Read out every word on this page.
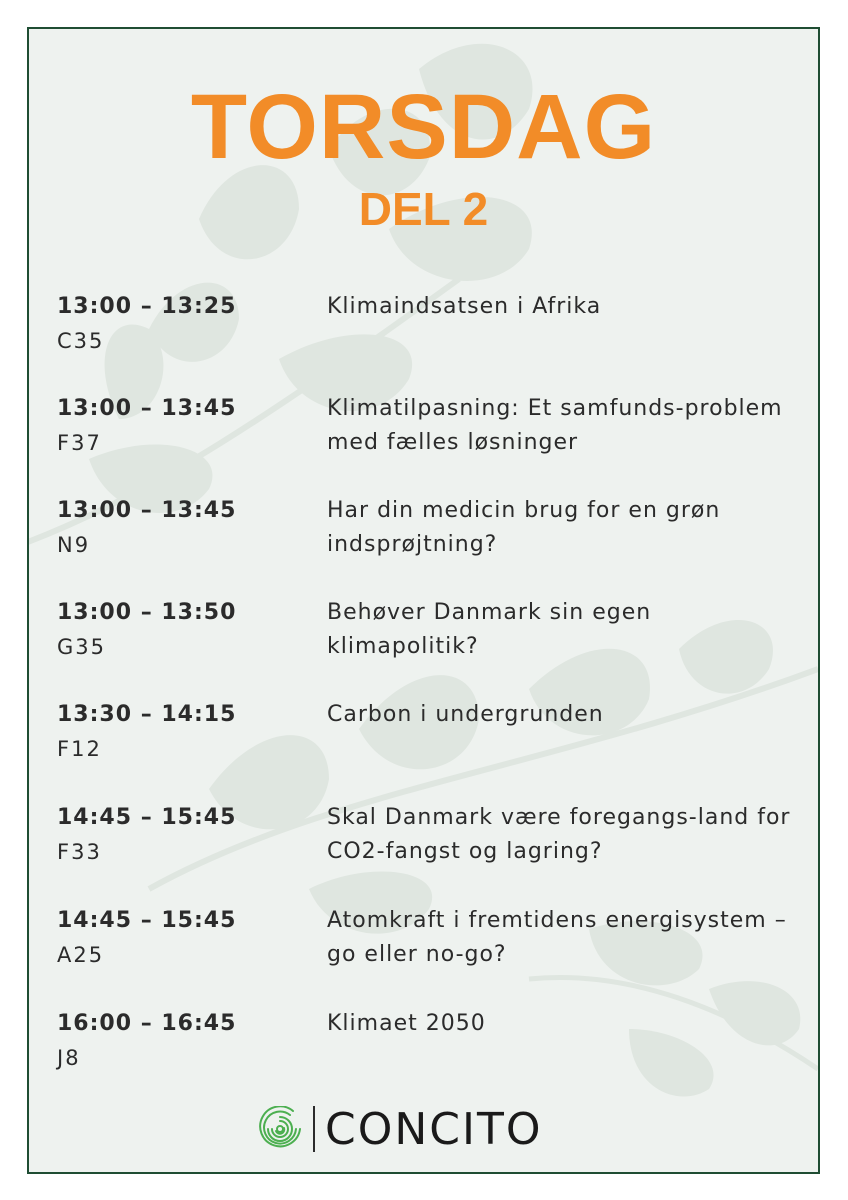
TORSDAG
DEL 2
13:00 – 13:25
C35
Klimaindsatsen i Afrika
13:00 – 13:45
F37
Klimatilpasning: Et samfunds-problem med fælles løsninger
13:00 – 13:45
N9
Har din medicin brug for en grøn indsprøjtning?
13:00 – 13:50
G35
Behøver Danmark sin egen klimapolitik?
13:30 – 14:15
F12
Carbon i undergrunden
14:45 – 15:45
F33
Skal Danmark være foregangs-land for CO2-fangst og lagring?
14:45 – 15:45
A25
Atomkraft i fremtidens energisystem – go eller no-go?
16:00 – 16:45
J8
Klimaet 2050
CONCITO
